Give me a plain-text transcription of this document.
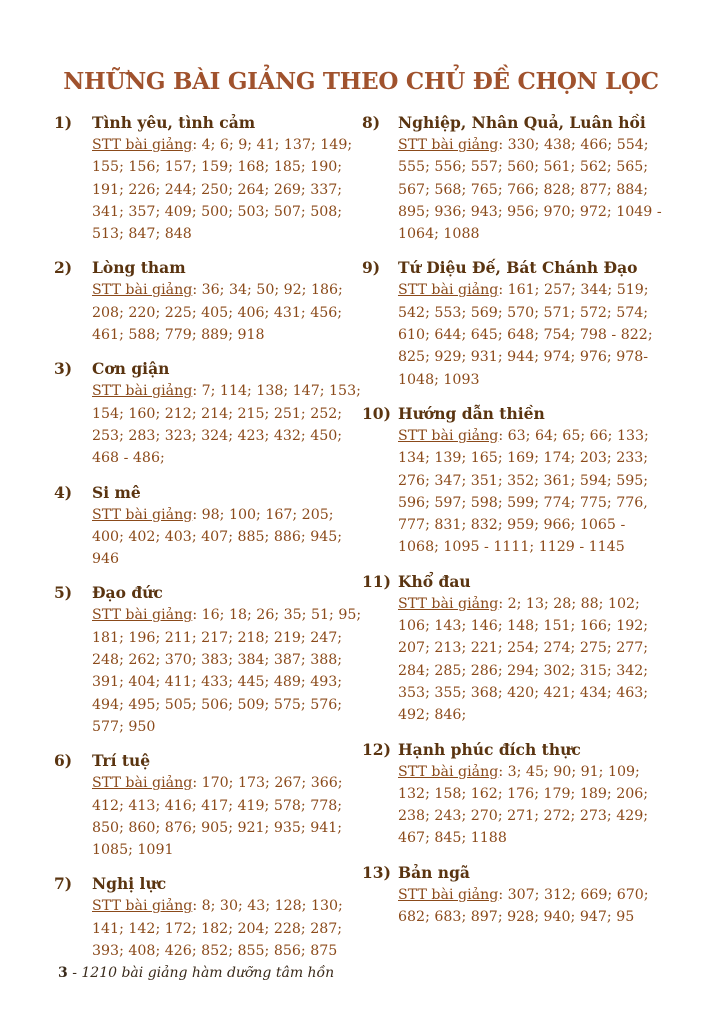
NHỮNG BÀI GIẢNG THEO CHỦ ĐỀ CHỌN LỌC
1) Tình yêu, tình cảm
STT bài giảng: 4; 6; 9; 41; 137; 149;
155; 156; 157; 159; 168; 185; 190;
191; 226; 244; 250; 264; 269; 337;
341; 357; 409; 500; 503; 507; 508;
513; 847; 848
2) Lòng tham
STT bài giảng: 36; 34; 50; 92; 186;
208; 220; 225; 405; 406; 431; 456;
461; 588; 779; 889; 918
3) Cơn giận
STT bài giảng: 7; 114; 138; 147; 153;
154; 160; 212; 214; 215; 251; 252;
253; 283; 323; 324; 423; 432; 450;
468 - 486;
4) Si mê
STT bài giảng: 98; 100; 167; 205;
400; 402; 403; 407; 885; 886; 945;
946
5) Đạo đức
STT bài giảng: 16; 18; 26; 35; 51; 95;
181; 196; 211; 217; 218; 219; 247;
248; 262; 370; 383; 384; 387; 388;
391; 404; 411; 433; 445; 489; 493;
494; 495; 505; 506; 509; 575; 576;
577; 950
6) Trí tuệ
STT bài giảng: 170; 173; 267; 366;
412; 413; 416; 417; 419; 578; 778;
850; 860; 876; 905; 921; 935; 941;
1085; 1091
7) Nghị lực
STT bài giảng: 8; 30; 43; 128; 130;
141; 142; 172; 182; 204; 228; 287;
393; 408; 426; 852; 855; 856; 875
8) Nghiệp, Nhân Quả, Luân hồi
STT bài giảng: 330; 438; 466; 554;
555; 556; 557; 560; 561; 562; 565;
567; 568; 765; 766; 828; 877; 884;
895; 936; 943; 956; 970; 972; 1049 -
1064; 1088
9) Tứ Diệu Đế, Bát Chánh Đạo
STT bài giảng: 161; 257; 344; 519;
542; 553; 569; 570; 571; 572; 574;
610; 644; 645; 648; 754; 798 - 822;
825; 929; 931; 944; 974; 976; 978-
1048; 1093
10) Hướng dẫn thiền
STT bài giảng: 63; 64; 65; 66; 133;
134; 139; 165; 169; 174; 203; 233;
276; 347; 351; 352; 361; 594; 595;
596; 597; 598; 599; 774; 775; 776,
777; 831; 832; 959; 966; 1065 -
1068; 1095 - 1111; 1129 - 1145
11) Khổ đau
STT bài giảng: 2; 13; 28; 88; 102;
106; 143; 146; 148; 151; 166; 192;
207; 213; 221; 254; 274; 275; 277;
284; 285; 286; 294; 302; 315; 342;
353; 355; 368; 420; 421; 434; 463;
492; 846;
12) Hạnh phúc đích thực
STT bài giảng: 3; 45; 90; 91; 109;
132; 158; 162; 176; 179; 189; 206;
238; 243; 270; 271; 272; 273; 429;
467; 845; 1188
13) Bản ngã
STT bài giảng: 307; 312; 669; 670;
682; 683; 897; 928; 940; 947; 95
3 - 1210 bài giảng hàm dưỡng tâm hồn
